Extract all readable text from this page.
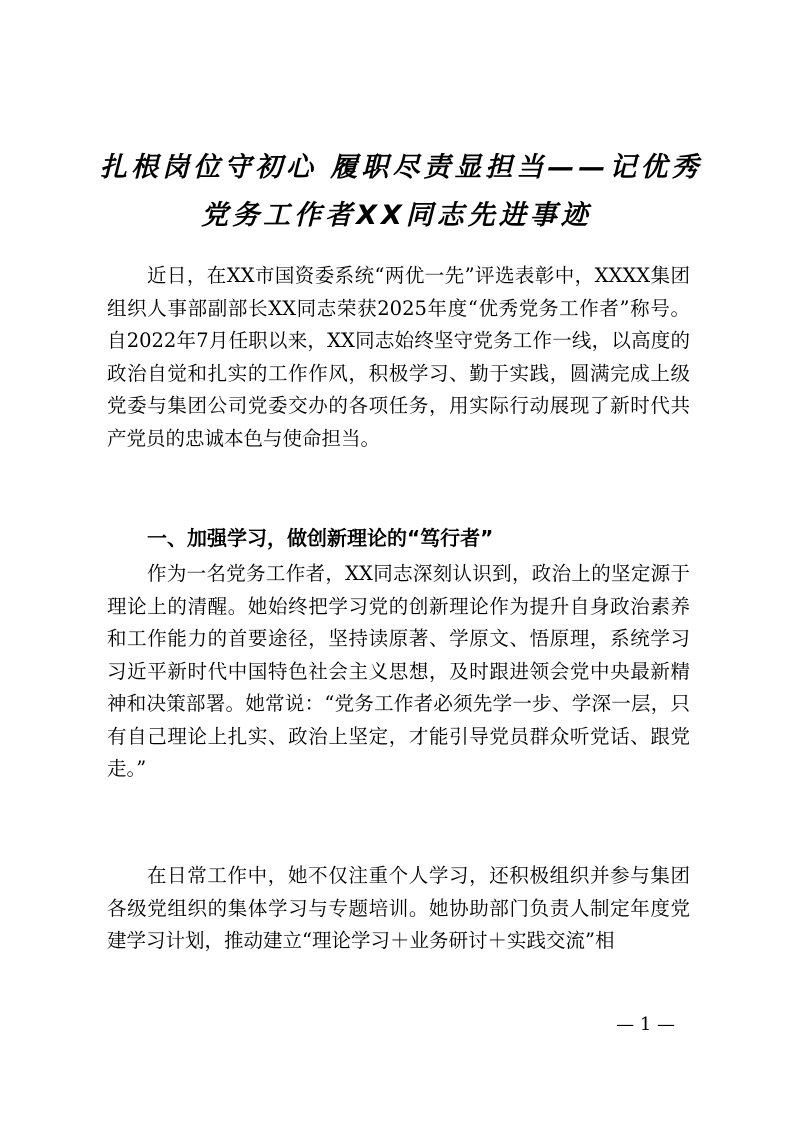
扎根岗位守初心 履职尽责显担当——记优秀
党务工作者XX同志先进事迹

近日，在XX市国资委系统“两优一先”评选表彰中，XXXX集团组织人事部副部长XX同志荣获2025年度“优秀党务工作者”称号。自2022年7月任职以来，XX同志始终坚守党务工作一线，以高度的政治自觉和扎实的工作作风，积极学习、勤于实践，圆满完成上级党委与集团公司党委交办的各项任务，用实际行动展现了新时代共产党员的忠诚本色与使命担当。

一、加强学习，做创新理论的“笃行者”

作为一名党务工作者，XX同志深刻认识到，政治上的坚定源于理论上的清醒。她始终把学习党的创新理论作为提升自身政治素养和工作能力的首要途径，坚持读原著、学原文、悟原理，系统学习习近平新时代中国特色社会主义思想，及时跟进领会党中央最新精神和决策部署。她常说：“党务工作者必须先学一步、学深一层，只有自己理论上扎实、政治上坚定，才能引导党员群众听党话、跟党走。”

在日常工作中，她不仅注重个人学习，还积极组织并参与集团各级党组织的集体学习与专题培训。她协助部门负责人制定年度党建学习计划，推动建立“理论学习＋业务研讨＋实践交流”相

— 1 —
